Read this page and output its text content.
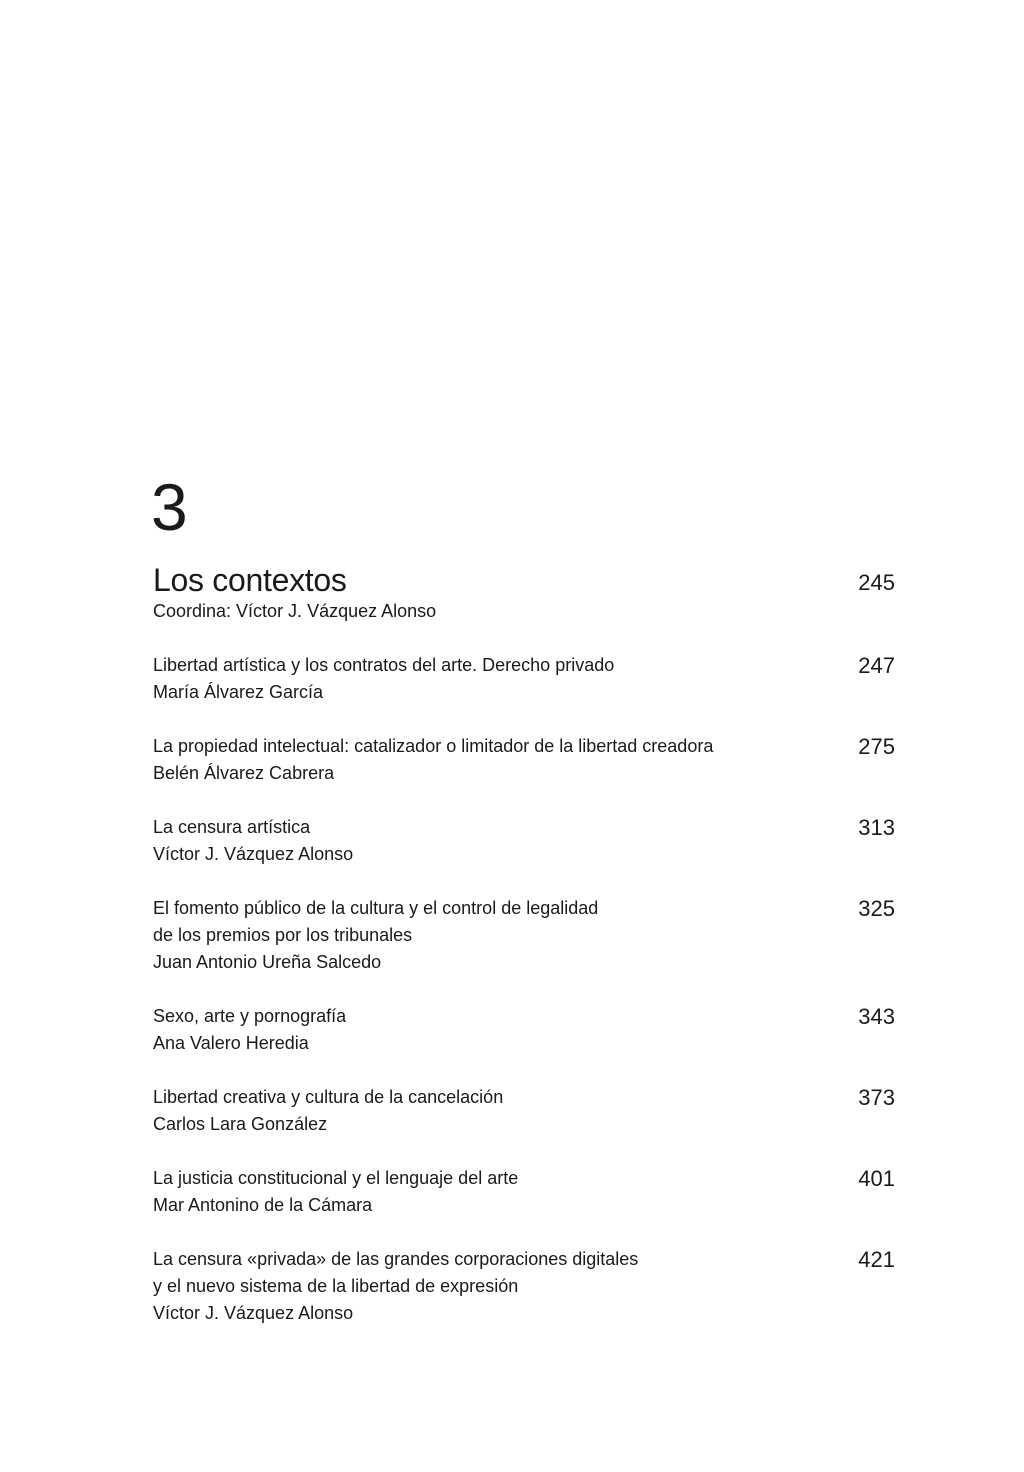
3
Los contextos	245
Coordina: Víctor J. Vázquez Alonso
Libertad artística y los contratos del arte. Derecho privado
María Álvarez García
247
La propiedad intelectual: catalizador o limitador de la libertad creadora
Belén Álvarez Cabrera
275
La censura artística
Víctor J. Vázquez Alonso
313
El fomento público de la cultura y el control de legalidad
de los premios por los tribunales
Juan Antonio Ureña Salcedo
325
Sexo, arte y pornografía
Ana Valero Heredia
343
Libertad creativa y cultura de la cancelación
Carlos Lara González
373
La justicia constitucional y el lenguaje del arte
Mar Antonino de la Cámara
401
La censura «privada» de las grandes corporaciones digitales
y el nuevo sistema de la libertad de expresión
Víctor J. Vázquez Alonso
421
